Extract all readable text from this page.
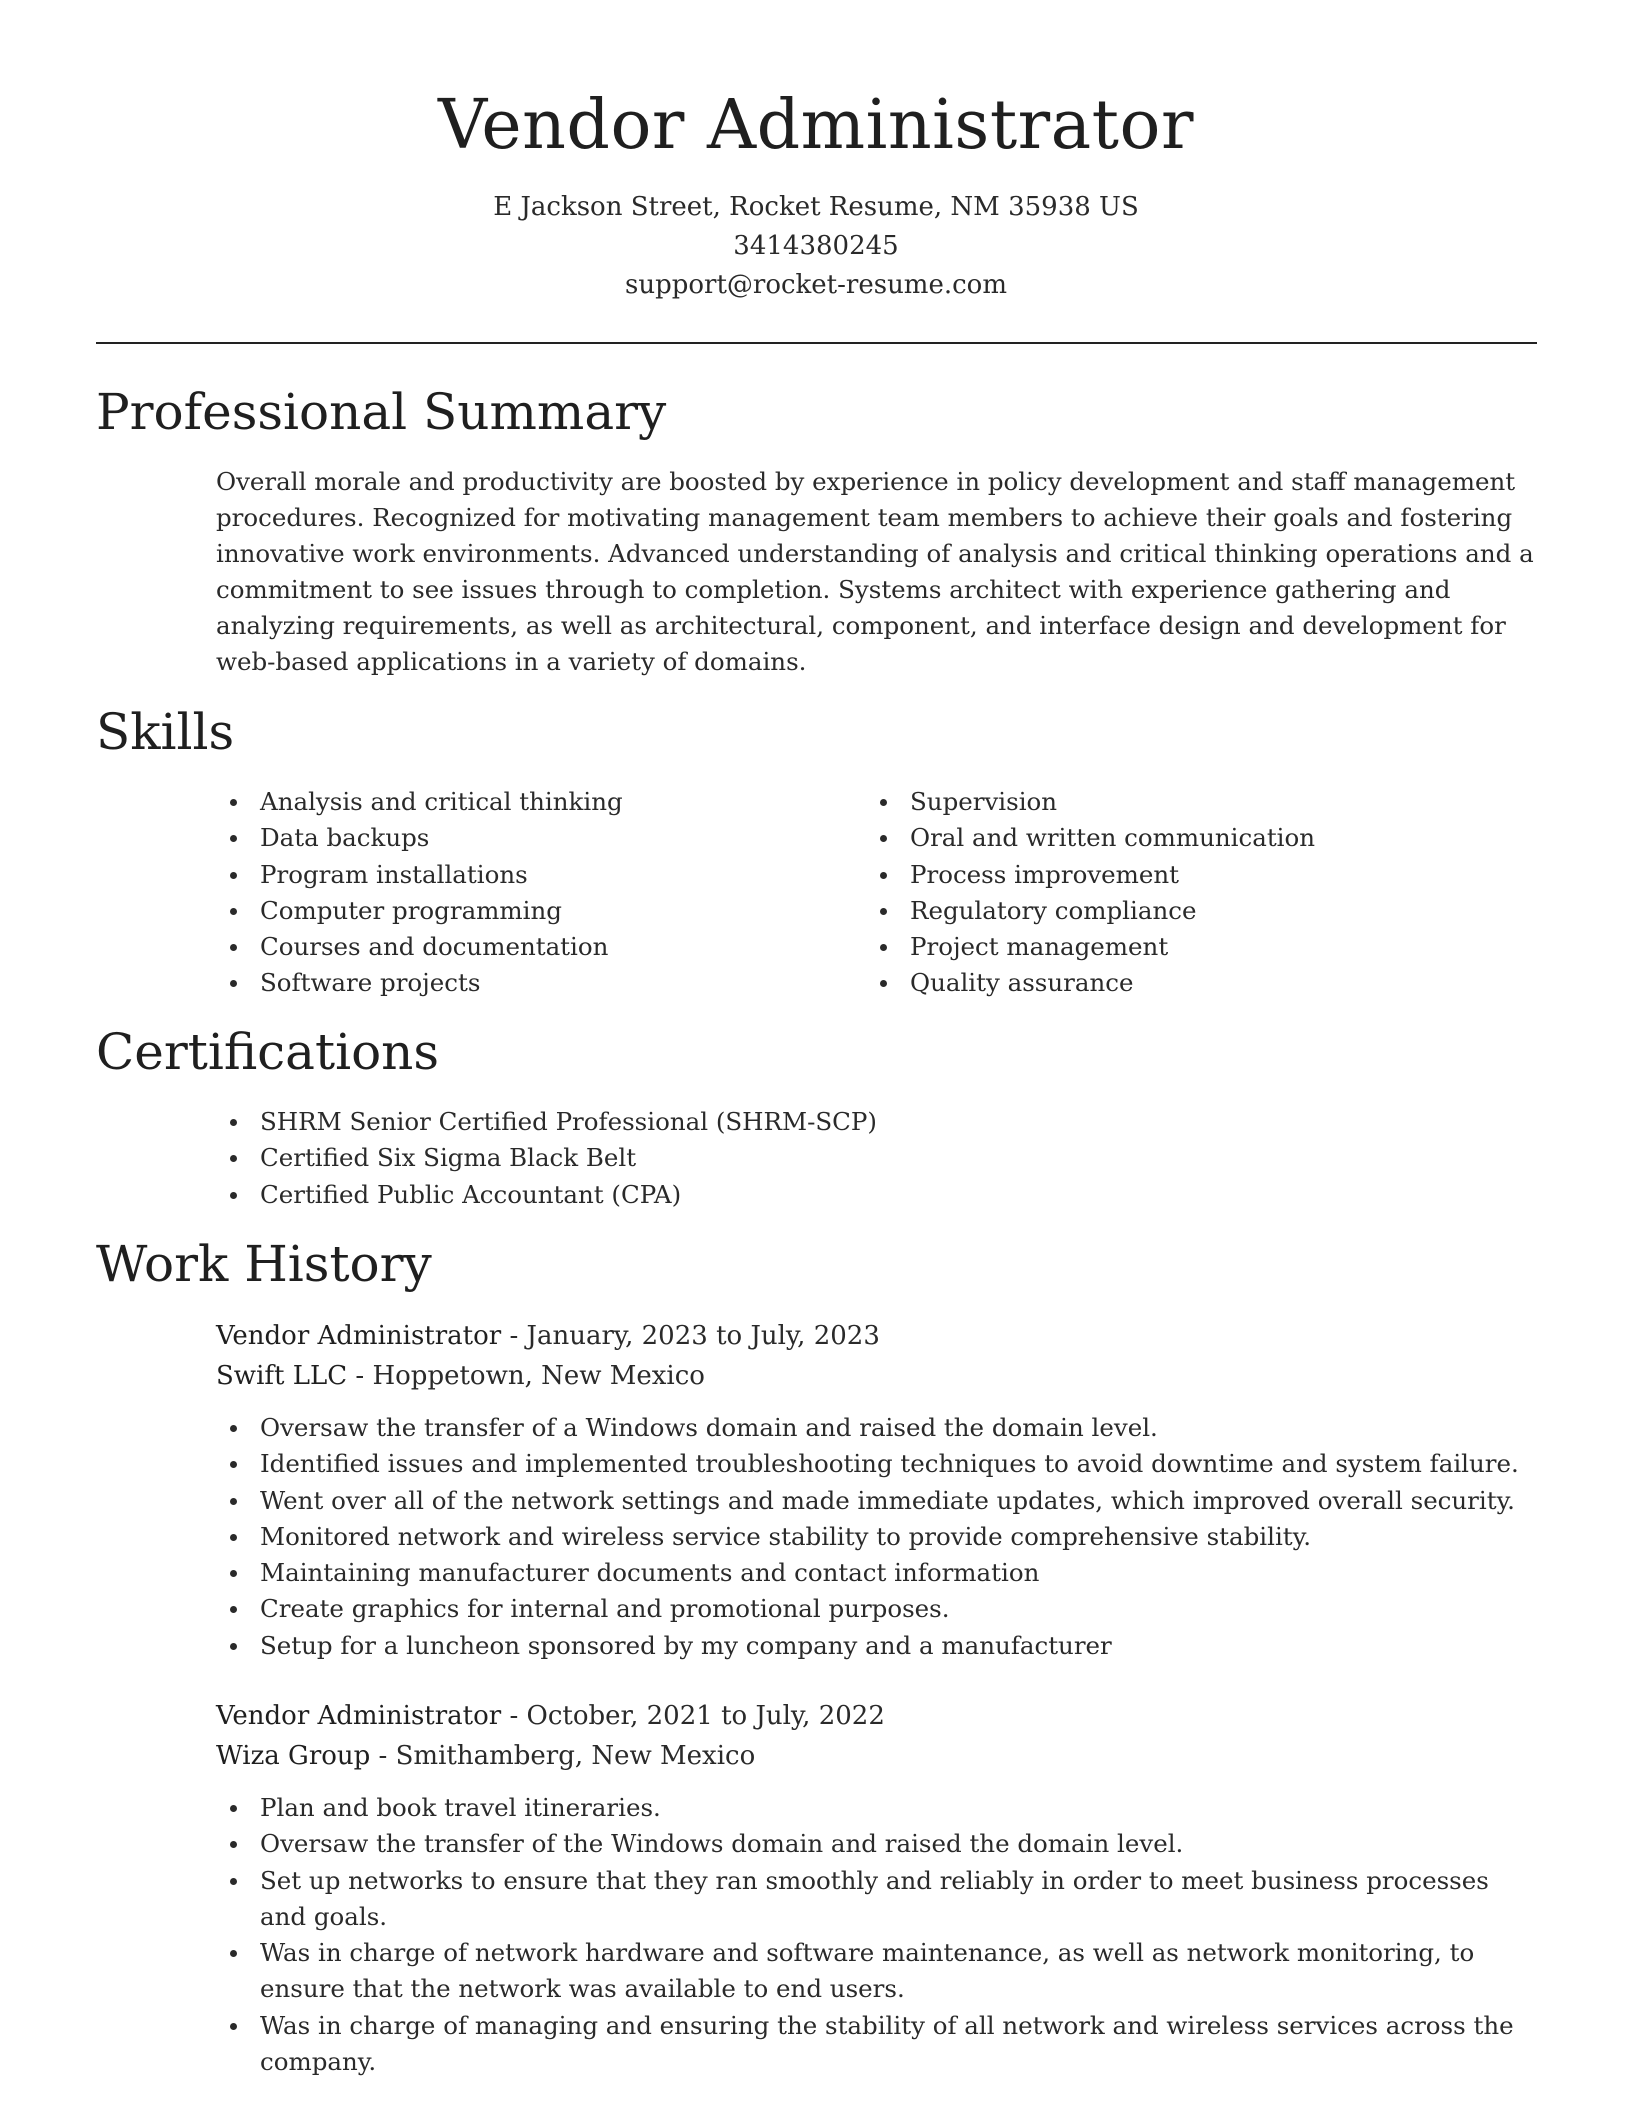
Vendor Administrator
E Jackson Street, Rocket Resume, NM 35938 US
3414380245
support@rocket-resume.com
Professional Summary
Overall morale and productivity are boosted by experience in policy development and staff management procedures. Recognized for motivating management team members to achieve their goals and fostering innovative work environments. Advanced understanding of analysis and critical thinking operations and a commitment to see issues through to completion. Systems architect with experience gathering and analyzing requirements, as well as architectural, component, and interface design and development for web-based applications in a variety of domains.
Skills
Analysis and critical thinking
Data backups
Program installations
Computer programming
Courses and documentation
Software projects
Supervision
Oral and written communication
Process improvement
Regulatory compliance
Project management
Quality assurance
Certifications
SHRM Senior Certified Professional (SHRM-SCP)
Certified Six Sigma Black Belt
Certified Public Accountant (CPA)
Work History
Vendor Administrator - January, 2023 to July, 2023
Swift LLC - Hoppetown, New Mexico
Oversaw the transfer of a Windows domain and raised the domain level.
Identified issues and implemented troubleshooting techniques to avoid downtime and system failure.
Went over all of the network settings and made immediate updates, which improved overall security.
Monitored network and wireless service stability to provide comprehensive stability.
Maintaining manufacturer documents and contact information
Create graphics for internal and promotional purposes.
Setup for a luncheon sponsored by my company and a manufacturer
Vendor Administrator - October, 2021 to July, 2022
Wiza Group - Smithamberg, New Mexico
Plan and book travel itineraries.
Oversaw the transfer of the Windows domain and raised the domain level.
Set up networks to ensure that they ran smoothly and reliably in order to meet business processes and goals.
Was in charge of network hardware and software maintenance, as well as network monitoring, to ensure that the network was available to end users.
Was in charge of managing and ensuring the stability of all network and wireless services across the company.
